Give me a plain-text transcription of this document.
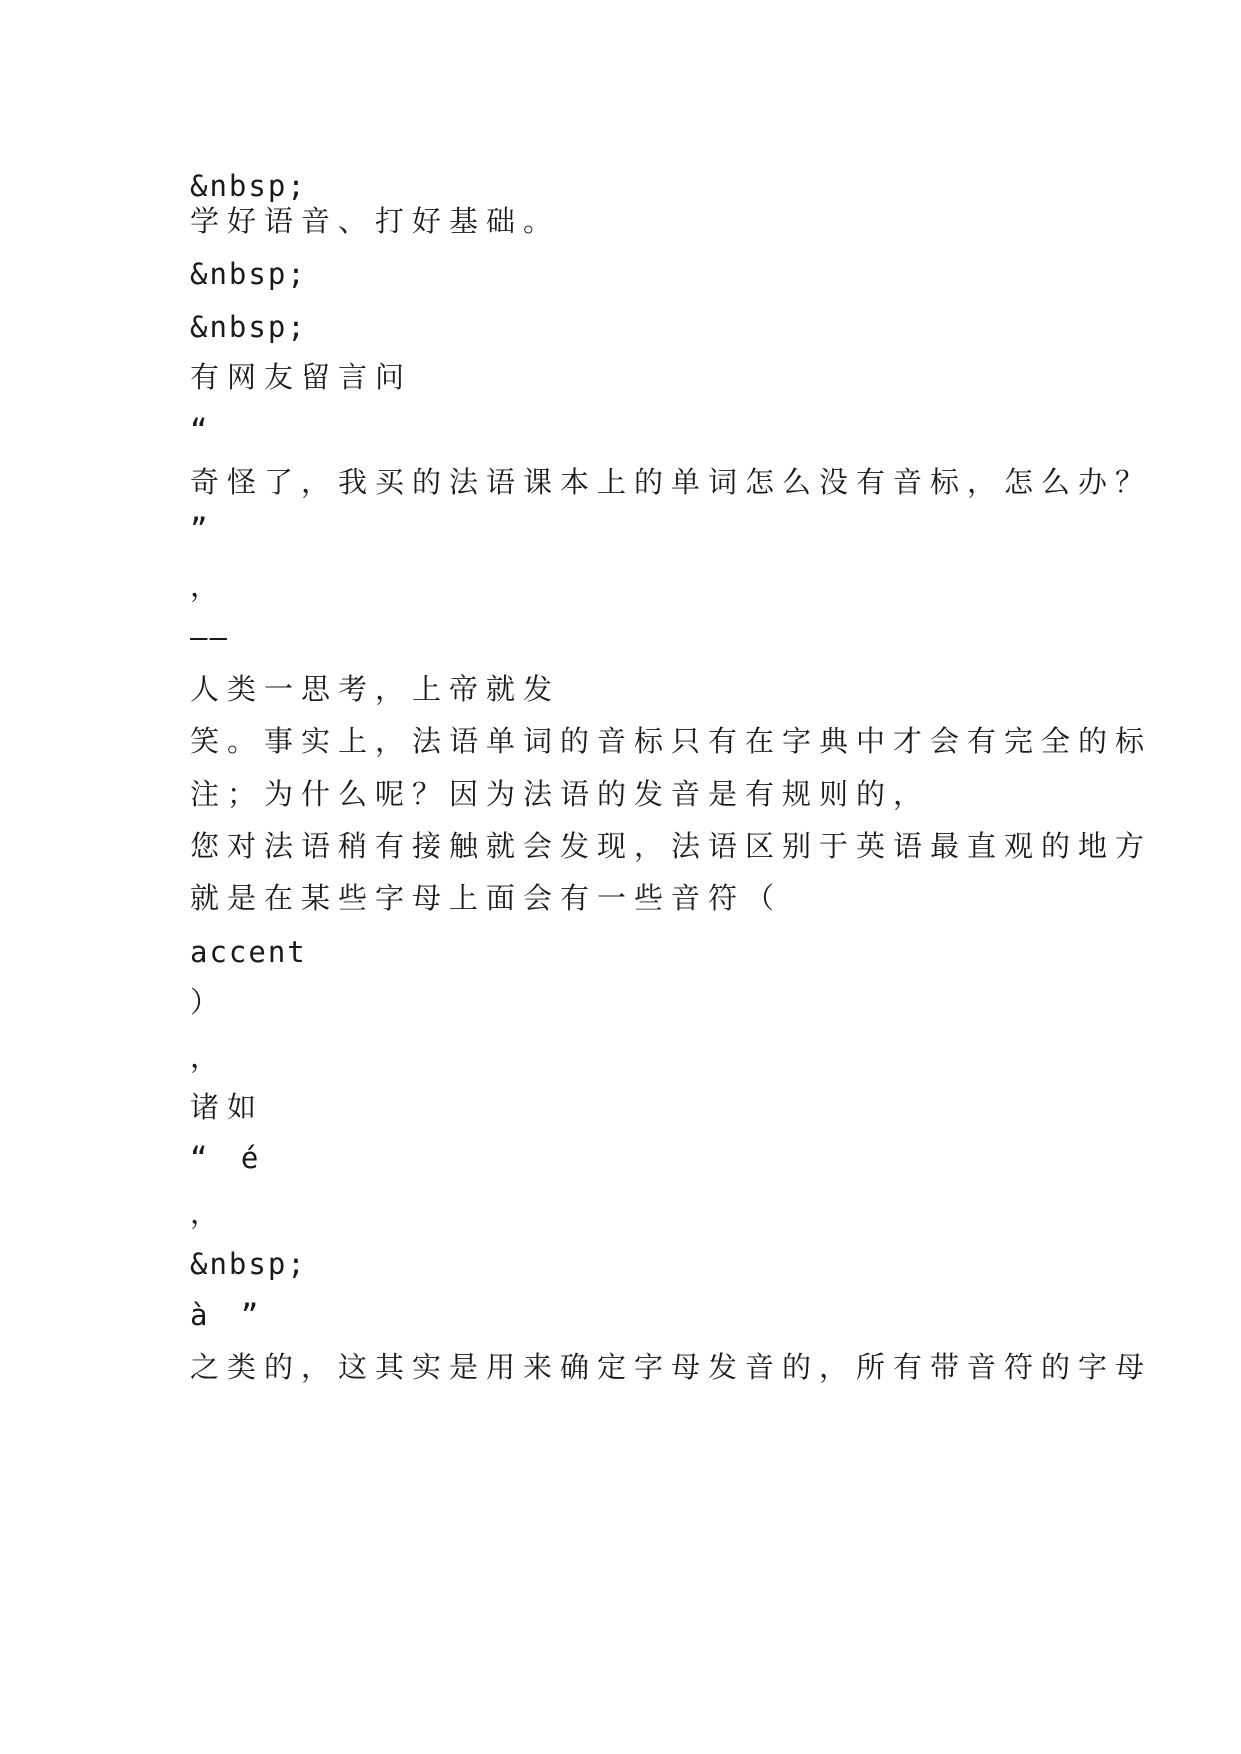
&nbsp;
学好语音、打好基础。
&nbsp;
&nbsp;
有网友留言问
“
奇怪了，我买的法语课本上的单词怎么没有音标，怎么办？
”
，
——
人类一思考，上帝就发
笑。事实上，法语单词的音标只有在字典中才会有完全的标
注；为什么呢？因为法语的发音是有规则的，
您对法语稍有接触就会发现，法语区别于英语最直观的地方
就是在某些字母上面会有一些音符（
accent
）
，
诸如
“ é
，
&nbsp;
à ”
之类的，这其实是用来确定字母发音的，所有带音符的字母
